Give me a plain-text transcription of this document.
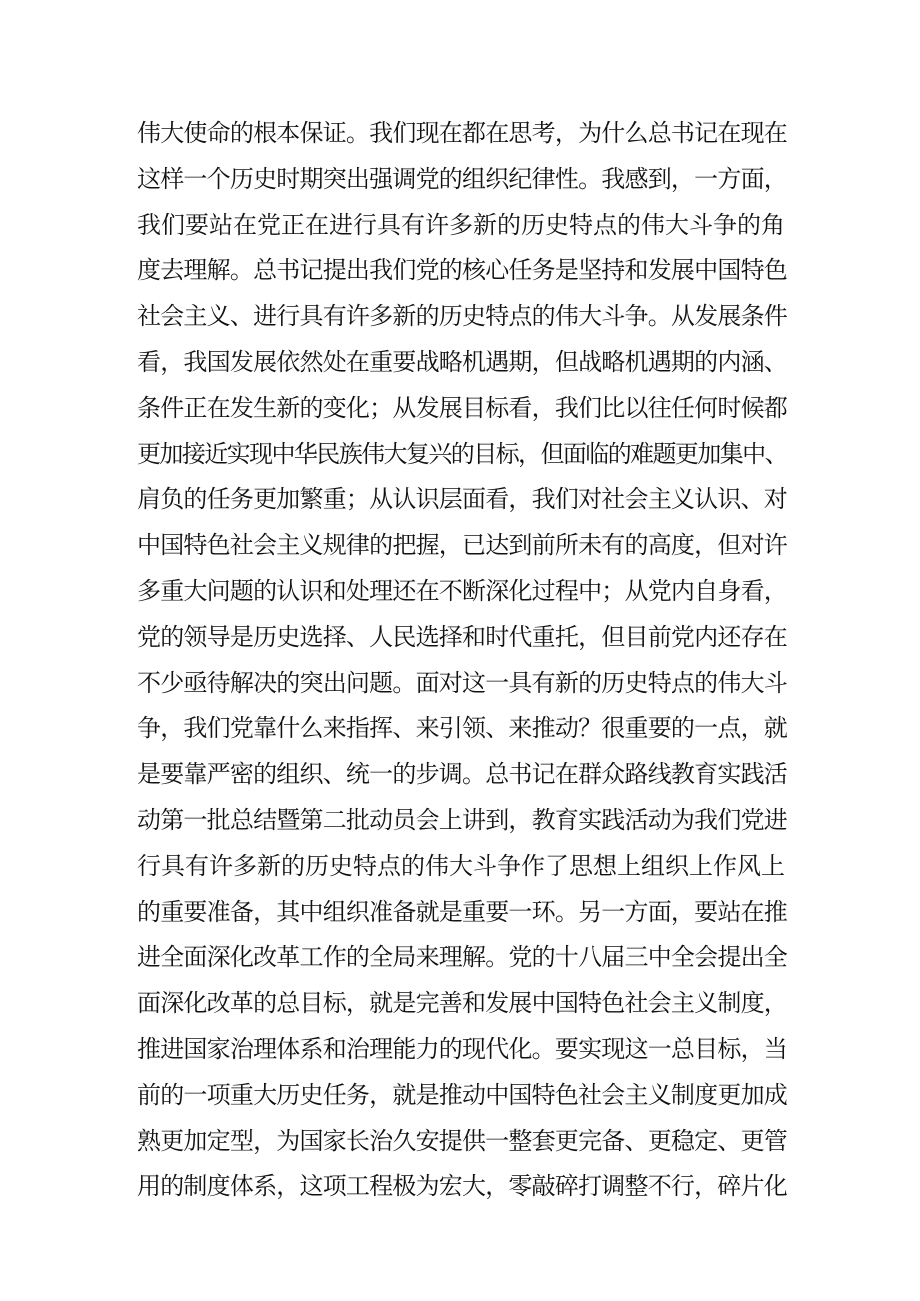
伟大使命的根本保证。我们现在都在思考，为什么总书记在现在
这样一个历史时期突出强调党的组织纪律性。我感到，一方面，
我们要站在党正在进行具有许多新的历史特点的伟大斗争的角
度去理解。总书记提出我们党的核心任务是坚持和发展中国特色
社会主义、进行具有许多新的历史特点的伟大斗争。从发展条件
看，我国发展依然处在重要战略机遇期，但战略机遇期的内涵、
条件正在发生新的变化；从发展目标看，我们比以往任何时候都
更加接近实现中华民族伟大复兴的目标，但面临的难题更加集中、
肩负的任务更加繁重；从认识层面看，我们对社会主义认识、对
中国特色社会主义规律的把握，已达到前所未有的高度，但对许
多重大问题的认识和处理还在不断深化过程中；从党内自身看，
党的领导是历史选择、人民选择和时代重托，但目前党内还存在
不少亟待解决的突出问题。面对这一具有新的历史特点的伟大斗
争，我们党靠什么来指挥、来引领、来推动？很重要的一点，就
是要靠严密的组织、统一的步调。总书记在群众路线教育实践活
动第一批总结暨第二批动员会上讲到，教育实践活动为我们党进
行具有许多新的历史特点的伟大斗争作了思想上组织上作风上
的重要准备，其中组织准备就是重要一环。另一方面，要站在推
进全面深化改革工作的全局来理解。党的十八届三中全会提出全
面深化改革的总目标，就是完善和发展中国特色社会主义制度，
推进国家治理体系和治理能力的现代化。要实现这一总目标，当
前的一项重大历史任务，就是推动中国特色社会主义制度更加成
熟更加定型，为国家长治久安提供一整套更完备、更稳定、更管
用的制度体系，这项工程极为宏大，零敲碎打调整不行，碎片化
